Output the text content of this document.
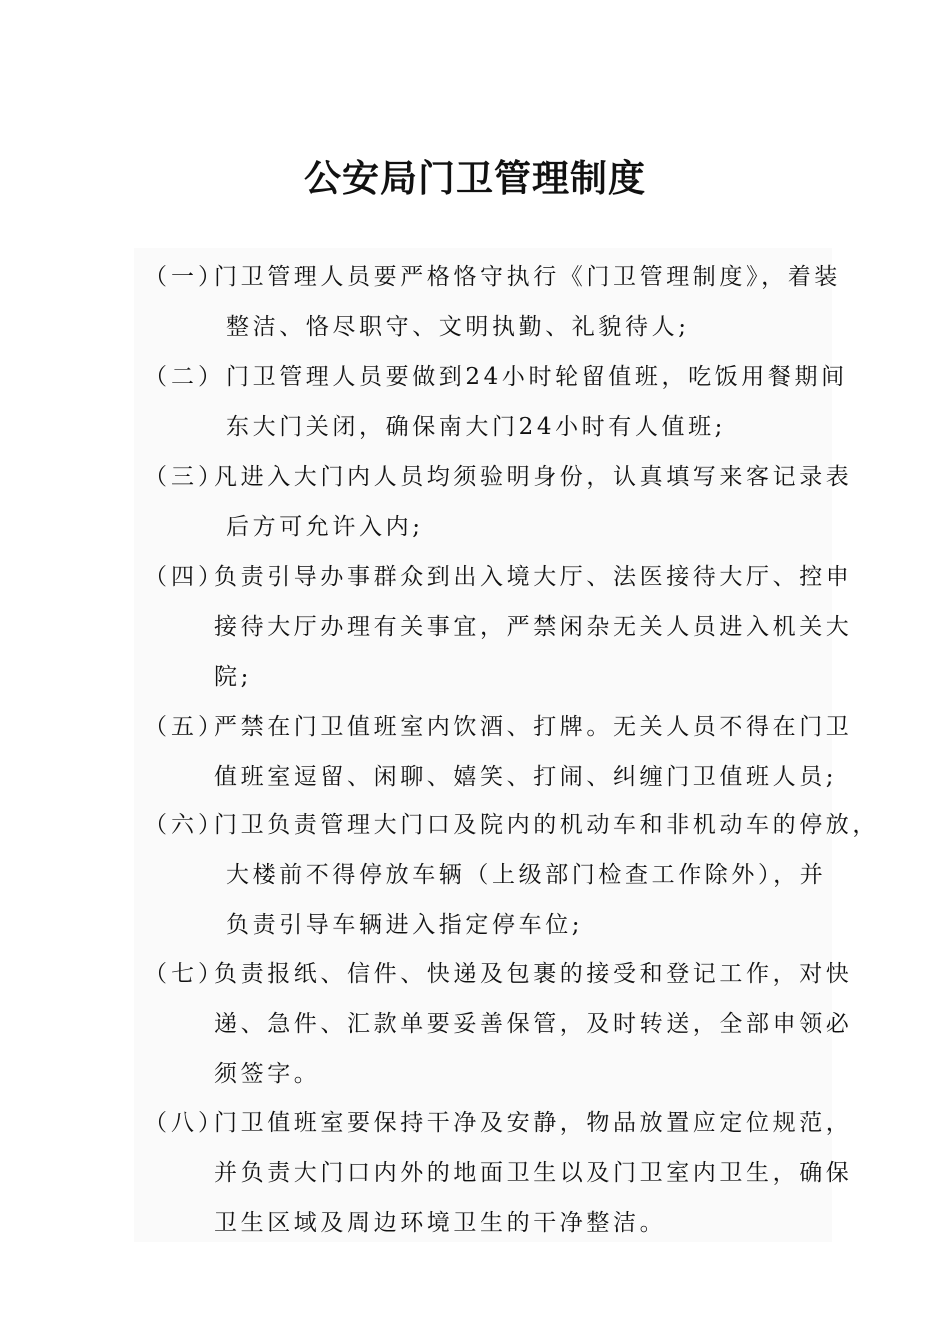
公安局门卫管理制度
（一）
门卫管理人员要严格恪守执行《门卫管理制度》，着装
整洁、恪尽职守、文明执勤、礼貌待人;
（二） 门卫管理人员要做到24小时轮留值班，吃饭用餐期间
东大门关闭，确保南大门24小时有人值班;
（三）
凡进入大门内人员均须验明身份，认真填写来客记录表
后方可允许入内;
（四）
负责引导办事群众到出入境大厅、法医接待大厅、控申
接待大厅办理有关事宜，严禁闲杂无关人员进入机关大
院;
（五）
严禁在门卫值班室内饮酒、打牌。无关人员不得在门卫
值班室逗留、闲聊、嬉笑、打闹、纠缠门卫值班人员;
（六）
门卫负责管理大门口及院内的机动车和非机动车的停放，
大楼前不得停放车辆（上级部门检查工作除外），并
负责引导车辆进入指定停车位;
（七）
负责报纸、信件、快递及包裹的接受和登记工作，对快
递、急件、汇款单要妥善保管，及时转送，全部申领必
须签字。
（八）
门卫值班室要保持干净及安静，物品放置应定位规范，
并负责大门口内外的地面卫生以及门卫室内卫生，确保
卫生区域及周边环境卫生的干净整洁。
